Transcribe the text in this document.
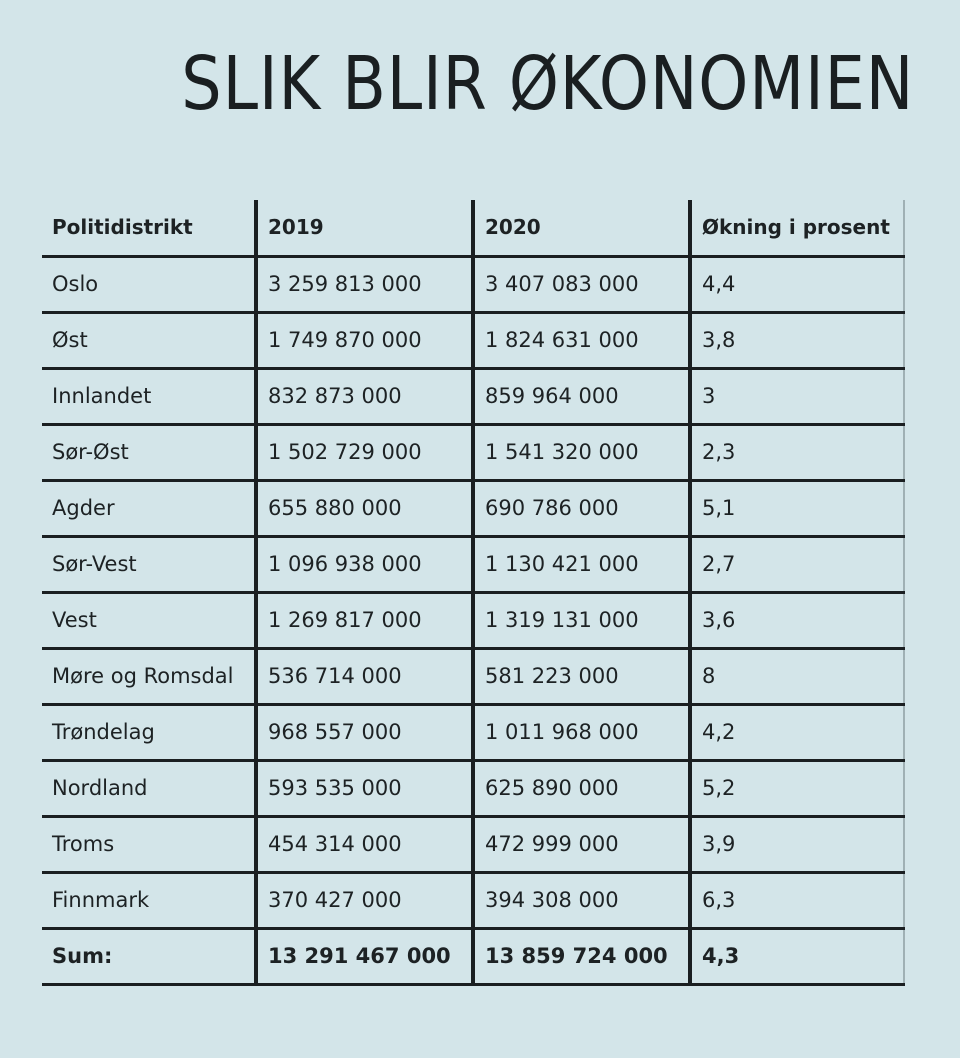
SLIK BLIR ØKONOMIEN
Politidistrikt	2019	2020	Økning i prosent
Oslo	3 259 813 000	3 407 083 000	4,4
Øst	1 749 870 000	1 824 631 000	3,8
Innlandet	832 873 000	859 964 000	3
Sør-Øst	1 502 729 000	1 541 320 000	2,3
Agder	655 880 000	690 786 000	5,1
Sør-Vest	1 096 938 000	1 130 421 000	2,7
Vest	1 269 817 000	1 319 131 000	3,6
Møre og Romsdal	536 714 000	581 223 000	8
Trøndelag	968 557 000	1 011 968 000	4,2
Nordland	593 535 000	625 890 000	5,2
Troms	454 314 000	472 999 000	3,9
Finnmark	370 427 000	394 308 000	6,3
Sum:	13 291 467 000	13 859 724 000	4,3
